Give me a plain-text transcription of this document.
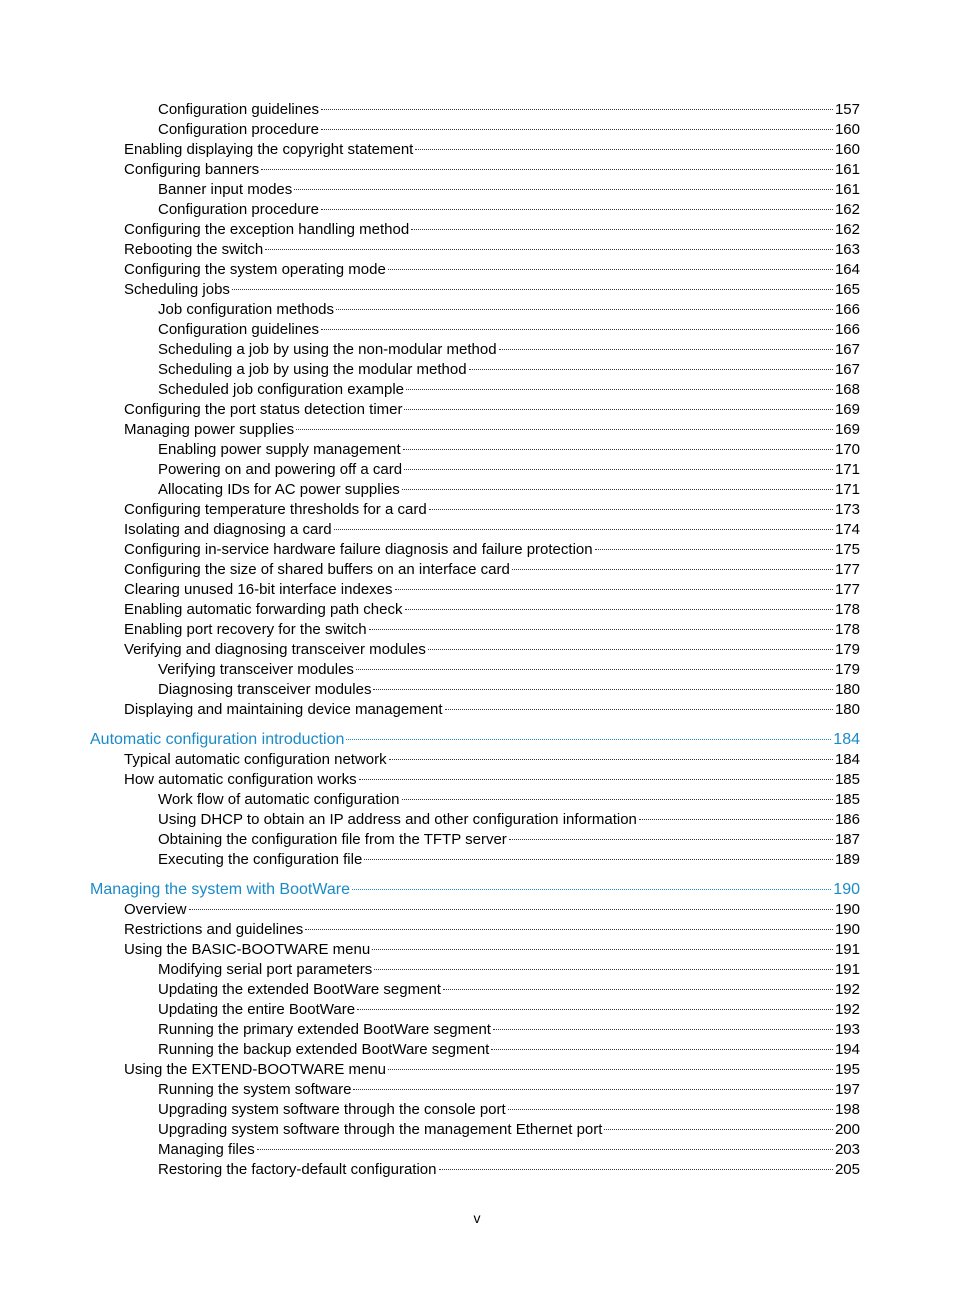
Configuration guidelines	157
Configuration procedure	160
Enabling displaying the copyright statement	160
Configuring banners	161
Banner input modes	161
Configuration procedure	162
Configuring the exception handling method	162
Rebooting the switch	163
Configuring the system operating mode	164
Scheduling jobs	165
Job configuration methods	166
Configuration guidelines	166
Scheduling a job by using the non-modular method	167
Scheduling a job by using the modular method	167
Scheduled job configuration example	168
Configuring the port status detection timer	169
Managing power supplies	169
Enabling power supply management	170
Powering on and powering off a card	171
Allocating IDs for AC power supplies	171
Configuring temperature thresholds for a card	173
Isolating and diagnosing a card	174
Configuring in-service hardware failure diagnosis and failure protection	175
Configuring the size of shared buffers on an interface card	177
Clearing unused 16-bit interface indexes	177
Enabling automatic forwarding path check	178
Enabling port recovery for the switch	178
Verifying and diagnosing transceiver modules	179
Verifying transceiver modules	179
Diagnosing transceiver modules	180
Displaying and maintaining device management	180
Automatic configuration introduction	184
Typical automatic configuration network	184
How automatic configuration works	185
Work flow of automatic configuration	185
Using DHCP to obtain an IP address and other configuration information	186
Obtaining the configuration file from the TFTP server	187
Executing the configuration file	189
Managing the system with BootWare	190
Overview	190
Restrictions and guidelines	190
Using the BASIC-BOOTWARE menu	191
Modifying serial port parameters	191
Updating the extended BootWare segment	192
Updating the entire BootWare	192
Running the primary extended BootWare segment	193
Running the backup extended BootWare segment	194
Using the EXTEND-BOOTWARE menu	195
Running the system software	197
Upgrading system software through the console port	198
Upgrading system software through the management Ethernet port	200
Managing files	203
Restoring the factory-default configuration	205
v
